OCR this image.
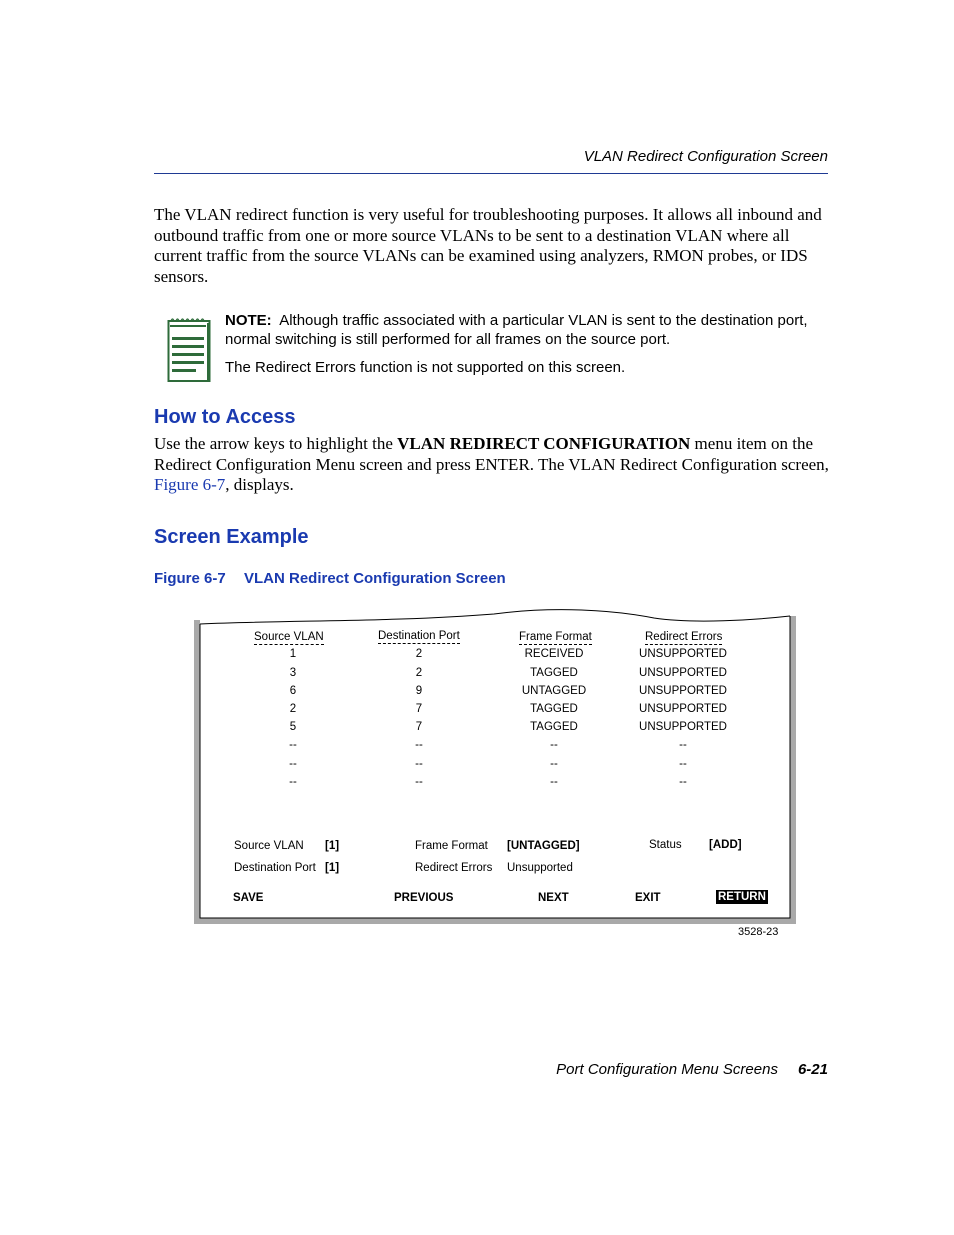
VLAN Redirect Configuration Screen
The VLAN redirect function is very useful for troubleshooting purposes. It allows all inbound and outbound traffic from one or more source VLANs to be sent to a destination VLAN where all current traffic from the source VLANs can be examined using analyzers, RMON probes, or IDS sensors.
NOTE: Although traffic associated with a particular VLAN is sent to the destination port, normal switching is still performed for all frames on the source port.
The Redirect Errors function is not supported on this screen.
How to Access
Use the arrow keys to highlight the VLAN REDIRECT CONFIGURATION menu item on the Redirect Configuration Menu screen and press ENTER. The VLAN Redirect Configuration screen, Figure 6-7, displays.
Screen Example
Figure 6-7 VLAN Redirect Configuration Screen
Source VLAN	Destination Port	Frame Format	Redirect Errors
1	2	RECEIVED	UNSUPPORTED
3	2	TAGGED	UNSUPPORTED
6	9	UNTAGGED	UNSUPPORTED
2	7	TAGGED	UNSUPPORTED
5	7	TAGGED	UNSUPPORTED
--	--	--	--
--	--	--	--
--	--	--	--
Source VLAN [1]
Destination Port [1]
Frame Format [UNTAGGED]
Redirect Errors Unsupported
Status [ADD]
SAVE	PREVIOUS	NEXT	EXIT	RETURN
3528-23
Port Configuration Menu Screens 6-21
